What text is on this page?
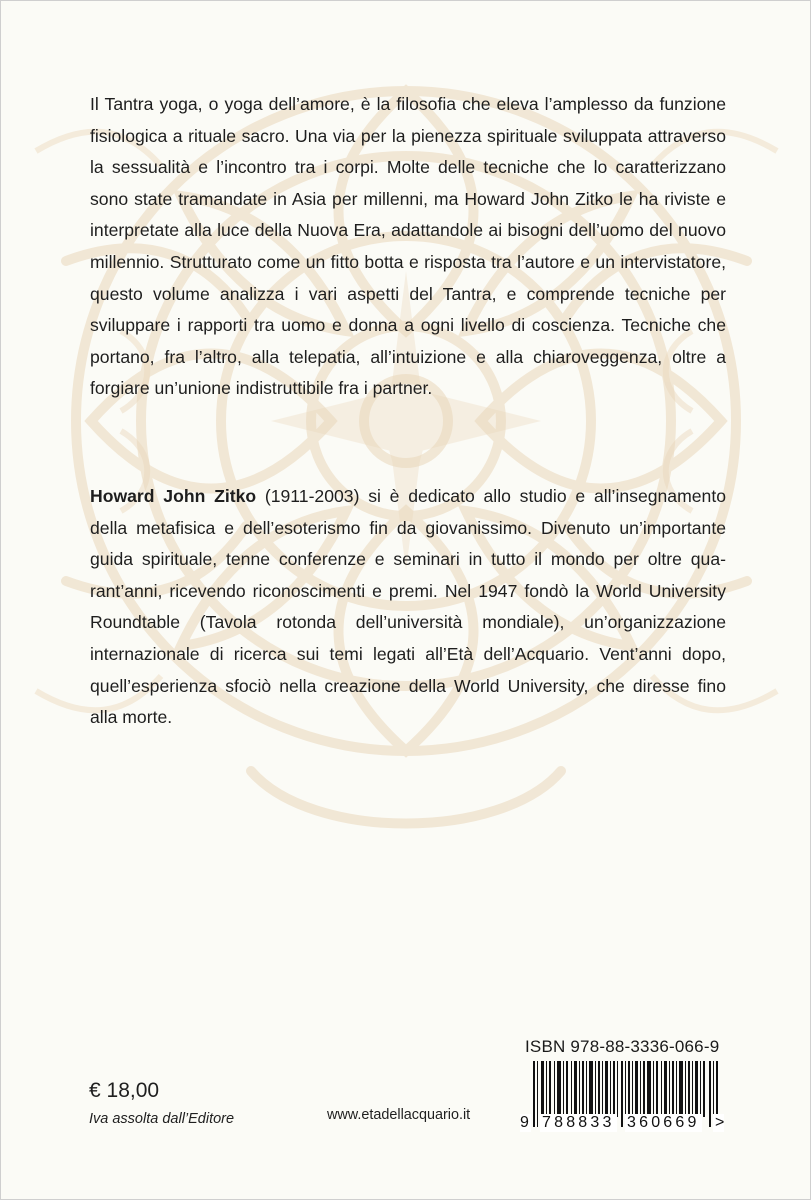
Il Tantra yoga, o yoga dell’amore, è la filosofia che eleva l’amplesso da funzione fisiologica a rituale sacro. Una via per la pienezza spirituale sviluppata attraverso la sessualità e l’incontro tra i corpi. Molte delle tecniche che lo caratterizzano sono state tramandate in Asia per millenni, ma Howard John Zitko le ha riviste e interpretate alla luce della Nuova Era, adattandole ai bisogni dell’uomo del nuovo millennio. Strutturato come un fitto botta e risposta tra l’autore e un intervistatore, questo volume analizza i vari aspetti del Tantra, e comprende tecniche per sviluppare i rapporti tra uomo e donna a ogni livello di coscienza. Tecniche che portano, fra l’altro, alla telepatia, all’intuizione e alla chiaroveggenza, oltre a forgiare un’unione indistruttibile fra i partner.

Howard John Zitko (1911-2003) si è dedicato allo studio e all’insegnamento della metafisica e dell’esoterismo fin da giovanissimo. Divenuto un’importante guida spirituale, tenne conferenze e seminari in tutto il mondo per oltre quarant’anni, ricevendo riconoscimenti e premi. Nel 1947 fondò la World University Roundtable (Tavola rotonda dell’università mondiale), un’organizzazione internazionale di ricerca sui temi legati all’Età dell’Acquario. Vent’anni dopo, quell’esperienza sfociò nella creazione della World University, che diresse fino alla morte.

€ 18,00
Iva assolta dall’Editore	www.etadellacquario.it
ISBN 978-88-3336-066-9
9 788833 360669 >
